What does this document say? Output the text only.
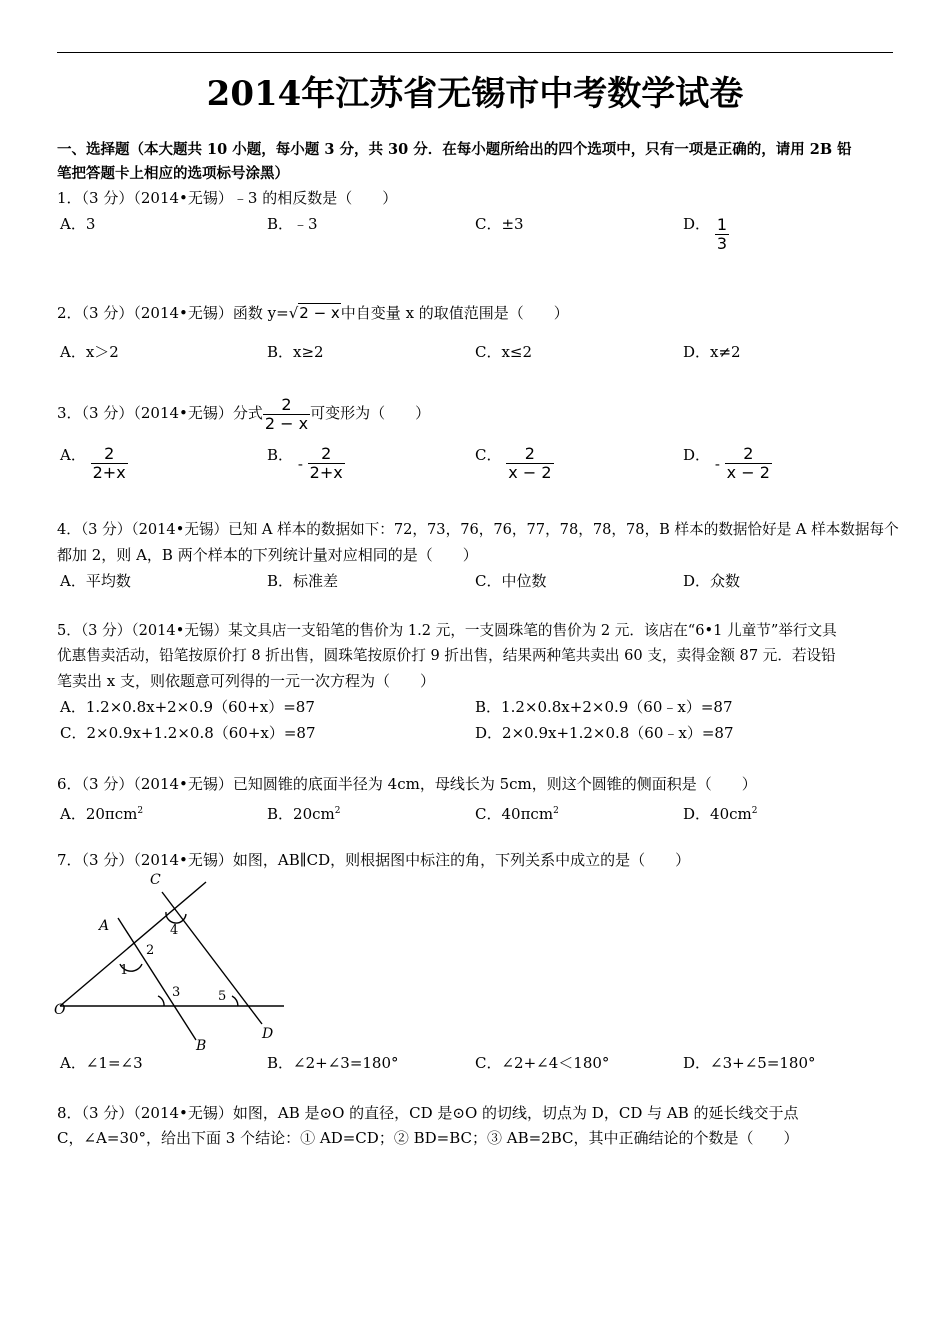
2014年江苏省无锡市中考数学试卷
一、选择题（本大题共 10 小题，每小题 3 分，共 30 分．在每小题所给出的四个选项中，只有一项是正确的，请用 2B 铅
笔把答题卡上相应的选项标号涂黑）
1．（3 分）（2014•无锡）﹣3 的相反数是（　　）
A．3	B．﹣3	C．±3	D． $\frac{1}{3}$
2．（3 分）（2014•无锡）函数 y=√2 − x中自变量 x 的取值范围是（　　）
A．x＞2	B．x≥2	C．x≤2	D．x≠2
3．（3 分）（2014•无锡）分式 $\frac{2}{2 - x}$ 可变形为（　　）
A． $\frac{2}{2+x}$	B． - $\frac{2}{2+x}$	C． $\frac{2}{x - 2}$	D． - $\frac{2}{x - 2}$
4．（3 分）（2014•无锡）已知 A 样本的数据如下：72，73，76，76，77，78，78，78，B 样本的数据恰好是 A 样本数据每个
都加 2，则 A，B 两个样本的下列统计量对应相同的是（　　）
A．平均数	B．标准差	C．中位数	D．众数
5．（3 分）（2014•无锡）某文具店一支铅笔的售价为 1.2 元，一支圆珠笔的售价为 2 元．该店在“6•1 儿童节”举行文具
优惠售卖活动，铅笔按原价打 8 折出售，圆珠笔按原价打 9 折出售，结果两种笔共卖出 60 支，卖得金额 87 元．若设铅
笔卖出 x 支，则依题意可列得的一元一次方程为（　　）
A．1.2×0.8x+2×0.9（60+x）=87	B．1.2×0.8x+2×0.9（60﹣x）=87
C．2×0.9x+1.2×0.8（60+x）=87	D．2×0.9x+1.2×0.8（60﹣x）=87
6．（3 分）（2014•无锡）已知圆锥的底面半径为 4cm，母线长为 5cm，则这个圆锥的侧面积是（　　）
A．20πcm$^2$	B．$20cm^2$	C．40πcm$^2$	D．$40cm^2$
7．（3 分）（2014•无锡）如图，AB∥CD，则根据图中标注的角，下列关系中成立的是（　　）
C
A
O
B
D
1
2
3
4
5
A．∠1=∠3	B．∠2+∠3=180°	C．∠2+∠4＜180°	D．∠3+∠5=180°
8．（3 分）（2014•无锡）如图，AB 是⊙O 的直径，CD 是⊙O 的切线，切点为 D，CD 与 AB 的延长线交于点
C，∠A=30°，给出下面 3 个结论：① AD=CD；② BD=BC；③ AB=2BC，其中正确结论的个数是（　　）
